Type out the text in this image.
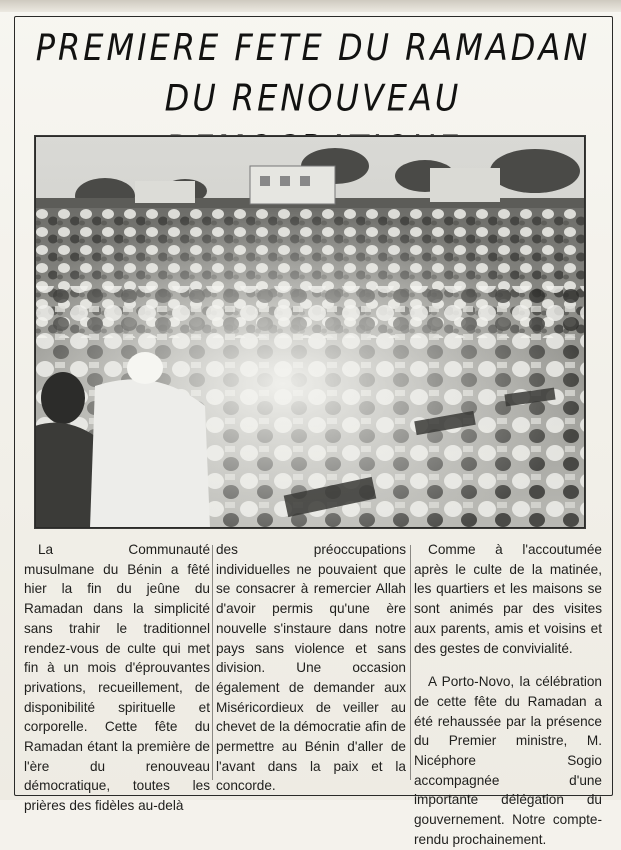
PREMIERE FETE DU RAMADAN
DU RENOUVEAU

La Communauté musulmane du Bénin a fêté hier la fin du jeûne du Ramadan dans la simplicité sans trahir le traditionnel rendez-vous de culte qui met fin à un mois d'éprouvantes privations, recueillement, de disponibilité spirituelle et corporelle. Cette fête du Ramadan étant la première de l'ère du renouveau démocratique, toutes les prières des fidèles au-delà

des préoccupations individuelles ne pouvaient que se consacrer à remercier Allah d'avoir permis qu'une ère nouvelle s'instaure dans notre pays sans violence et sans division. Une occasion également de demander aux Miséricordieux de veiller au chevet de la démocratie afin de permettre au Bénin d'aller de l'avant dans la paix et la concorde.

Comme à l'accoutumée après le culte de la matinée, les quartiers et les maisons se sont animés par des visites aux parents, amis et voisins et des gestes de convivialité.

A Porto-Novo, la célébration de cette fête du Ramadan a été rehaussée par la présence du Premier ministre, M. Nicéphore Sogio accompagnée d'une importante délégation du gouvernement. Notre compte-rendu prochainement.
